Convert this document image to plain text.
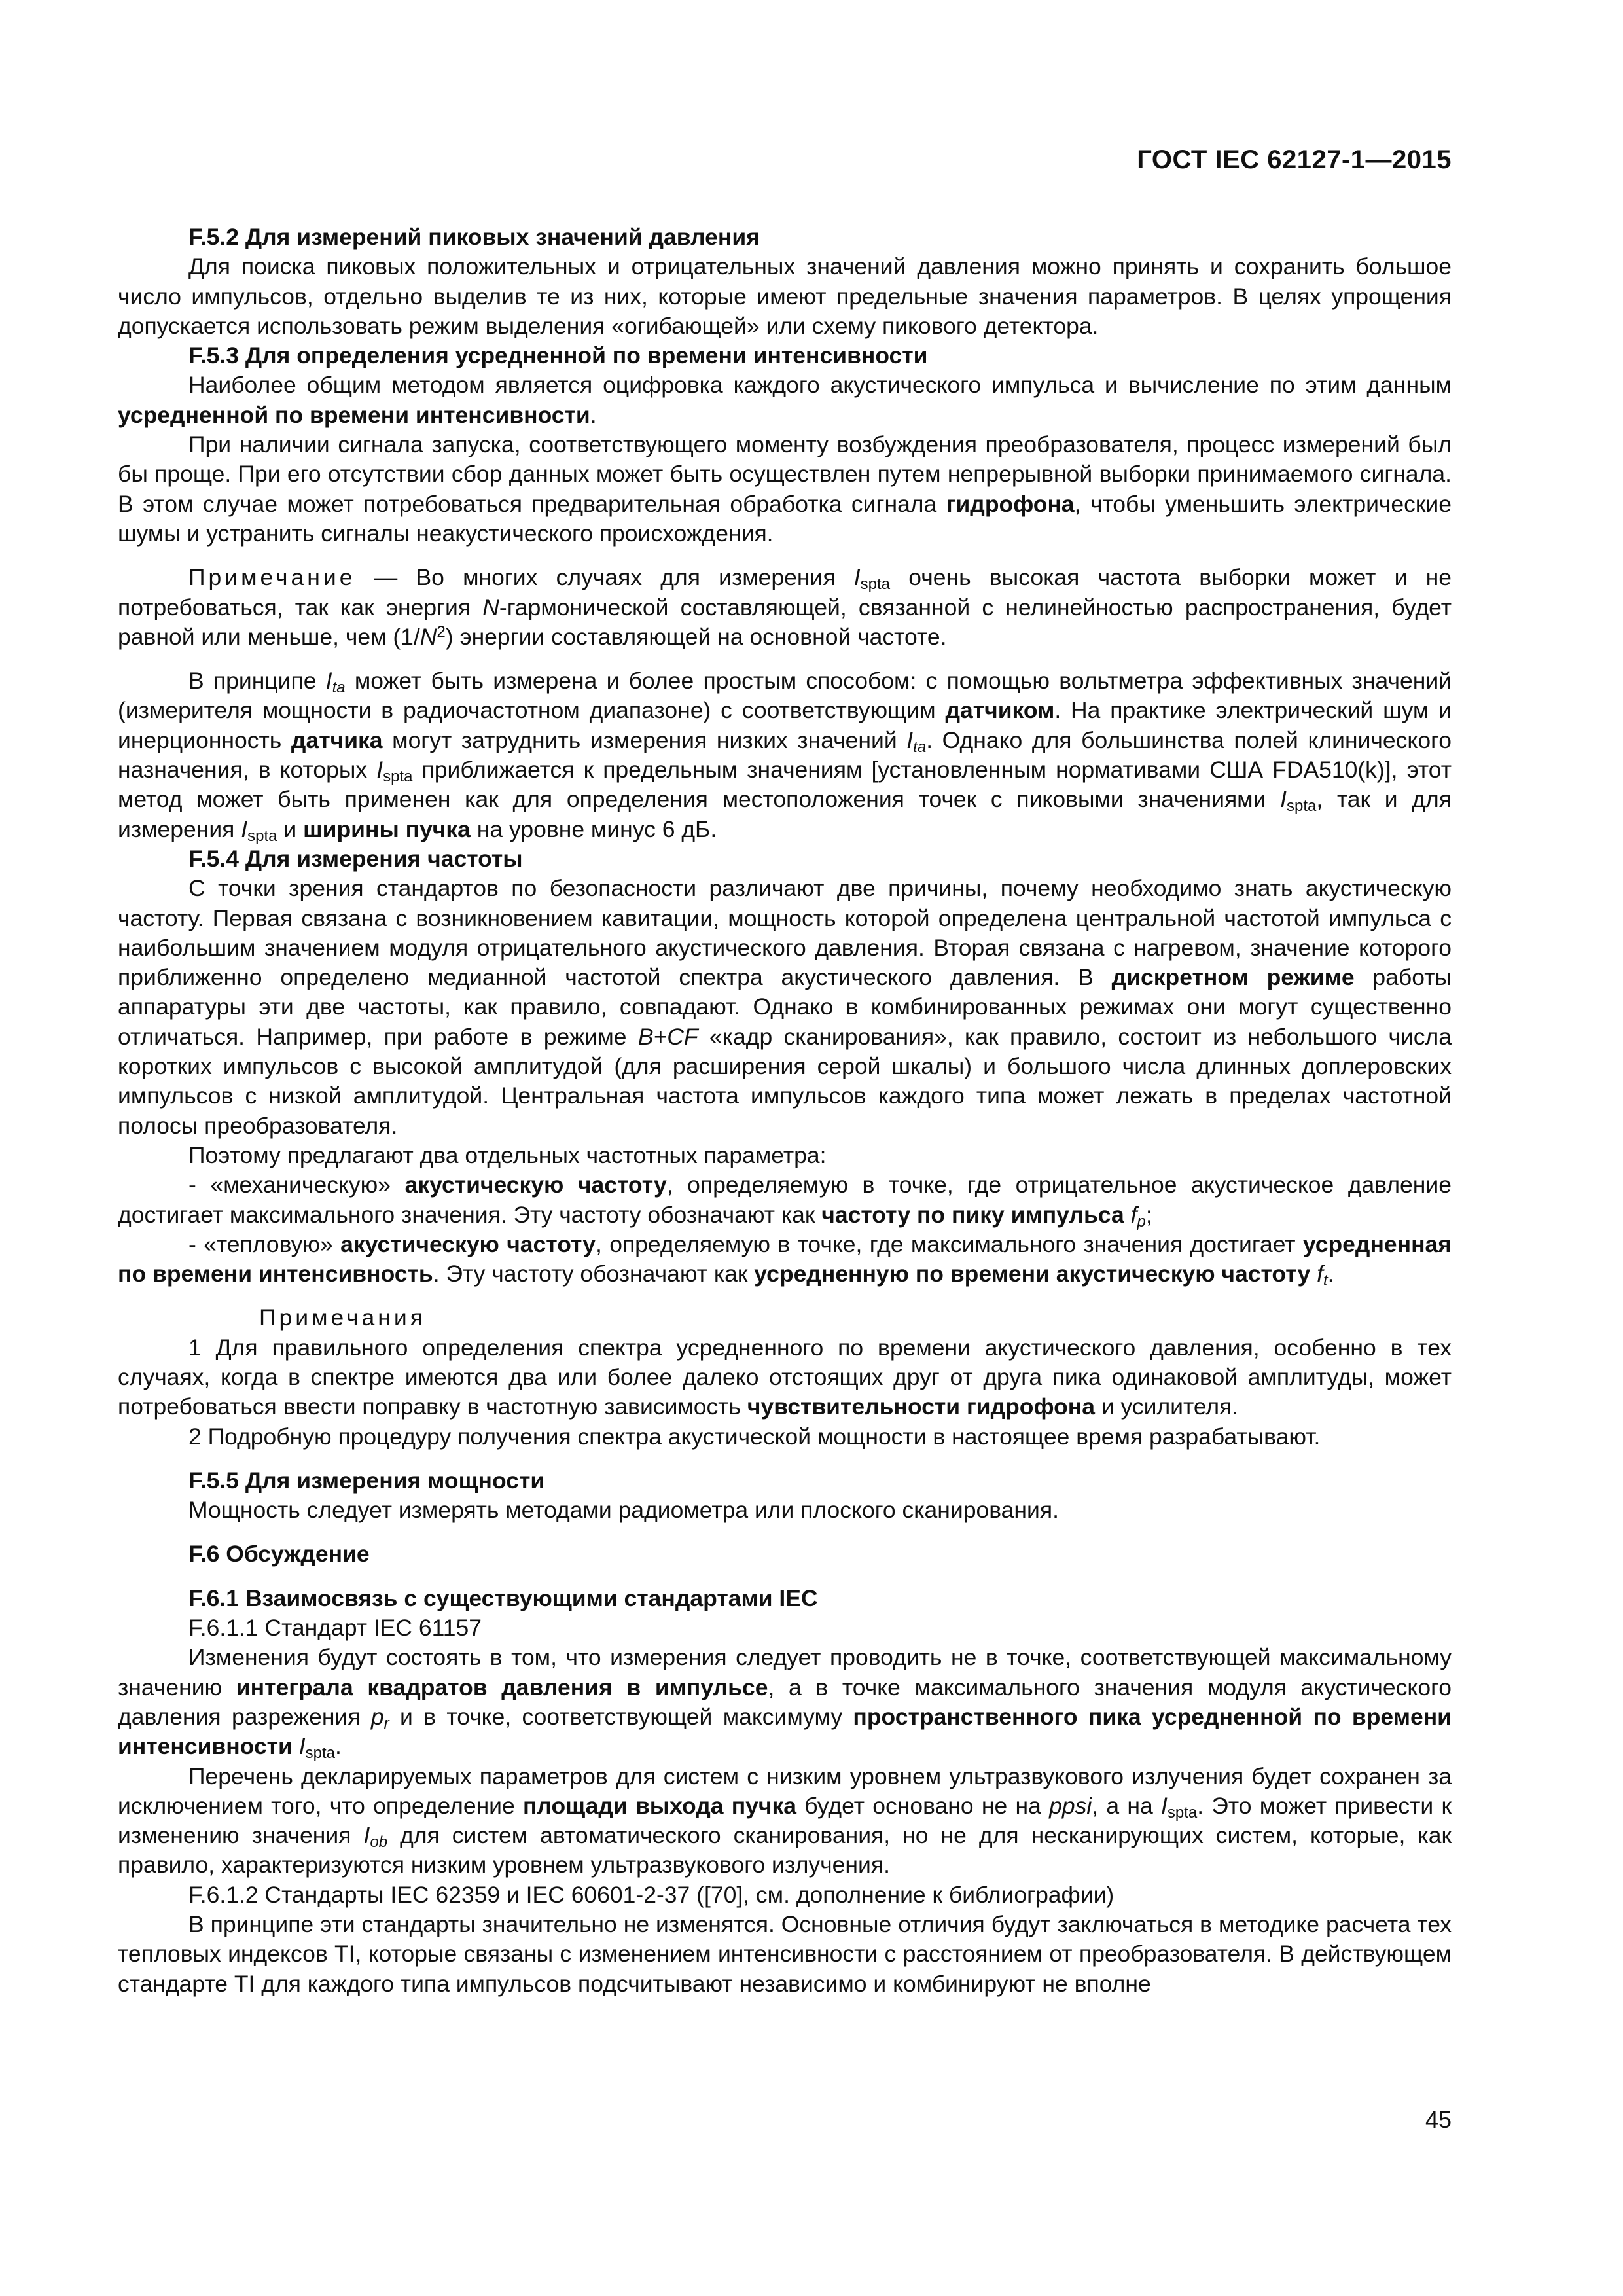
ГОСТ IEC 62127-1—2015
F.5.2 Для измерений пиковых значений давления

Для поиска пиковых положительных и отрицательных значений давления можно принять и сохранить большое число импульсов, отдельно выделив те из них, которые имеют предельные значения параметров. В целях упрощения допускается использовать режим выделения «огибающей» или схему пикового детектора.

F.5.3 Для определения усредненной по времени интенсивности

Наиболее общим методом является оцифровка каждого акустического импульса и вычисление по этим данным усредненной по времени интенсивности.

При наличии сигнала запуска, соответствующего моменту возбуждения преобразователя, процесс измерений был бы проще. При его отсутствии сбор данных может быть осуществлен путем непрерывной выборки принимаемого сигнала. В этом случае может потребоваться предварительная обработка сигнала гидрофона, чтобы уменьшить электрические шумы и устранить сигналы неакустического происхождения.

Примечание — Во многих случаях для измерения $I_{spta}$ очень высокая частота выборки может и не потребоваться, так как энергия N-гармонической составляющей, связанной с нелинейностью распространения, будет равной или меньше, чем $(1/N^2)$ энергии составляющей на основной частоте.

В принципе $I_{ta}$ может быть измерена и более простым способом: с помощью вольтметра эффективных значений (измерителя мощности в радиочастотном диапазоне) с соответствующим датчиком. На практике электрический шум и инерционность датчика могут затруднить измерения низких значений $I_{ta}$. Однако для большинства полей клинического назначения, в которых $I_{spta}$ приближается к предельным значениям [установленным нормативами США FDA510(k)], этот метод может быть применен как для определения местоположения точек с пиковыми значениями $I_{spta}$, так и для измерения $I_{spta}$ и ширины пучка на уровне минус 6 дБ.

F.5.4 Для измерения частоты

С точки зрения стандартов по безопасности различают две причины, почему необходимо знать акустическую частоту. Первая связана с возникновением кавитации, мощность которой определена центральной частотой импульса с наибольшим значением модуля отрицательного акустического давления. Вторая связана с нагревом, значение которого приближенно определено медианной частотой спектра акустического давления. В дискретном режиме работы аппаратуры эти две частоты, как правило, совпадают. Однако в комбинированных режимах они могут существенно отличаться. Например, при работе в режиме B+CF «кадр сканирования», как правило, состоит из небольшого числа коротких импульсов с высокой амплитудой (для расширения серой шкалы) и большого числа длинных доплеровских импульсов с низкой амплитудой. Центральная частота импульсов каждого типа может лежать в пределах частотной полосы преобразователя.

Поэтому предлагают два отдельных частотных параметра:

- «механическую» акустическую частоту, определяемую в точке, где отрицательное акустическое давление достигает максимального значения. Эту частоту обозначают как частоту по пику импульса $f_p$;

- «тепловую» акустическую частоту, определяемую в точке, где максимального значения достигает усредненная по времени интенсивность. Эту частоту обозначают как усредненную по времени акустическую частоту $f_t$.

Примечания

1 Для правильного определения спектра усредненного по времени акустического давления, особенно в тех случаях, когда в спектре имеются два или более далеко отстоящих друг от друга пика одинаковой амплитуды, может потребоваться ввести поправку в частотную зависимость чувствительности гидрофона и усилителя.

2 Подробную процедуру получения спектра акустической мощности в настоящее время разрабатывают.

F.5.5 Для измерения мощности

Мощность следует измерять методами радиометра или плоского сканирования.

F.6 Обсуждение
F.6.1 Взаимосвязь с существующими стандартами IEC

F.6.1.1 Стандарт IEC 61157

Изменения будут состоять в том, что измерения следует проводить не в точке, соответствующей максимальному значению интеграла квадратов давления в импульсе, а в точке максимального значения модуля акустического давления разрежения $p_r$ и в точке, соответствующей максимуму пространственного пика усредненной по времени интенсивности $I_{spta}$.

Перечень декларируемых параметров для систем с низким уровнем ультразвукового излучения будет сохранен за исключением того, что определение площади выхода пучка будет основано не на ppsi, а на $I_{spta}$. Это может привести к изменению значения $I_{ob}$ для систем автоматического сканирования, но не для несканирующих систем, которые, как правило, характеризуются низким уровнем ультразвукового излучения.

F.6.1.2 Стандарты IEC 62359 и IEC 60601-2-37 ([70], см. дополнение к библиографии)

В принципе эти стандарты значительно не изменятся. Основные отличия будут заключаться в методике расчета тех тепловых индексов TI, которые связаны с изменением интенсивности с расстоянием от преобразователя. В действующем стандарте TI для каждого типа импульсов подсчитывают независимо и комбинируют не вполне

45
